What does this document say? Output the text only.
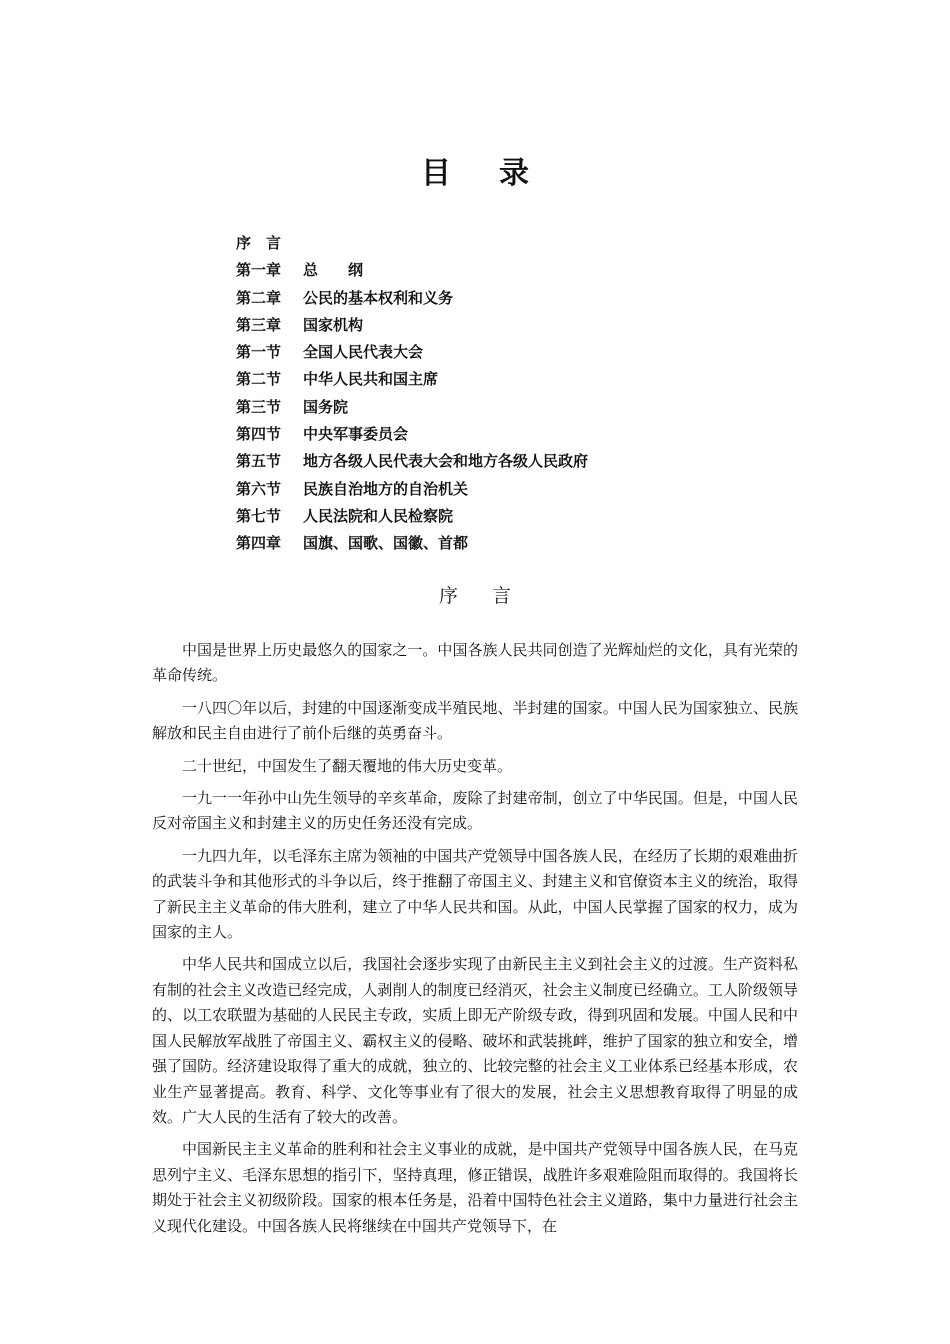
目录
序　言
第一章 总　　纲
第二章 公民的基本权利和义务
第三章 国家机构
第一节 全国人民代表大会
第二节 中华人民共和国主席
第三节 国务院
第四节 中央军事委员会
第五节 地方各级人民代表大会和地方各级人民政府
第六节 民族自治地方的自治机关
第七节 人民法院和人民检察院
第四章 国旗、国歌、国徽、首都
序言

中国是世界上历史最悠久的国家之一。中国各族人民共同创造了光辉灿烂的文化，具有光荣的革命传统。

一八四〇年以后，封建的中国逐渐变成半殖民地、半封建的国家。中国人民为国家独立、民族解放和民主自由进行了前仆后继的英勇奋斗。

二十世纪，中国发生了翻天覆地的伟大历史变革。

一九一一年孙中山先生领导的辛亥革命，废除了封建帝制，创立了中华民国。但是，中国人民反对帝国主义和封建主义的历史任务还没有完成。

一九四九年，以毛泽东主席为领袖的中国共产党领导中国各族人民，在经历了长期的艰难曲折的武装斗争和其他形式的斗争以后，终于推翻了帝国主义、封建主义和官僚资本主义的统治，取得了新民主主义革命的伟大胜利，建立了中华人民共和国。从此，中国人民掌握了国家的权力，成为国家的主人。

中华人民共和国成立以后，我国社会逐步实现了由新民主主义到社会主义的过渡。生产资料私有制的社会主义改造已经完成，人剥削人的制度已经消灭，社会主义制度已经确立。工人阶级领导的、以工农联盟为基础的人民民主专政，实质上即无产阶级专政，得到巩固和发展。中国人民和中国人民解放军战胜了帝国主义、霸权主义的侵略、破坏和武装挑衅，维护了国家的独立和安全，增强了国防。经济建设取得了重大的成就，独立的、比较完整的社会主义工业体系已经基本形成，农业生产显著提高。教育、科学、文化等事业有了很大的发展，社会主义思想教育取得了明显的成效。广大人民的生活有了较大的改善。

中国新民主主义革命的胜利和社会主义事业的成就，是中国共产党领导中国各族人民，在马克思列宁主义、毛泽东思想的指引下，坚持真理，修正错误，战胜许多艰难险阻而取得的。我国将长期处于社会主义初级阶段。国家的根本任务是，沿着中国特色社会主义道路，集中力量进行社会主义现代化建设。中国各族人民将继续在中国共产党领导下，在
